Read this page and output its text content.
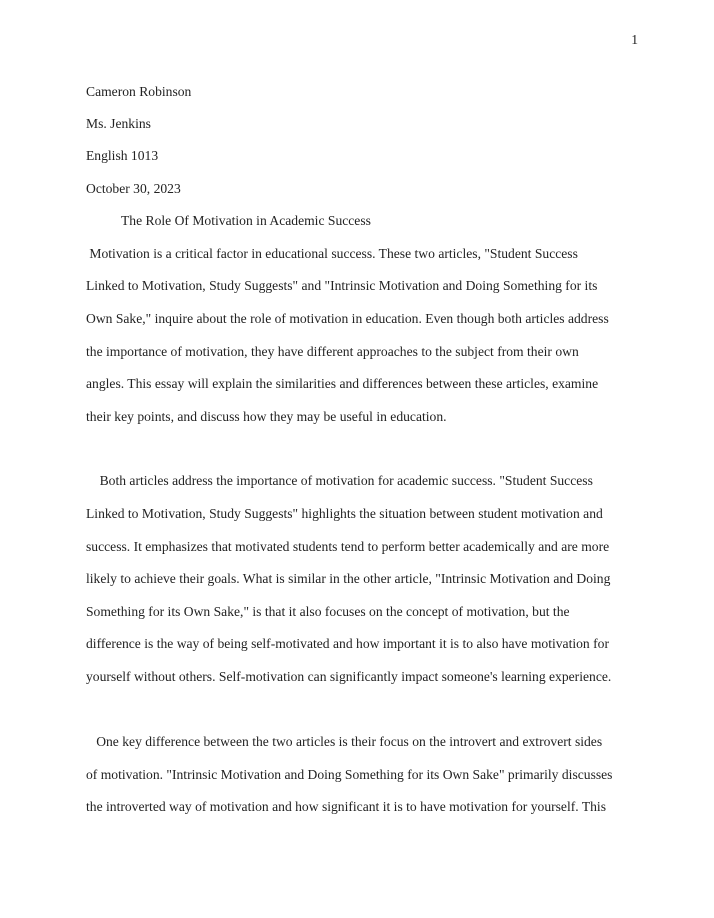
1
Cameron Robinson
Ms. Jenkins
English 1013
October 30, 2023
The Role Of Motivation in Academic Success
Motivation is a critical factor in educational success. These two articles, "Student Success
Linked to Motivation, Study Suggests" and "Intrinsic Motivation and Doing Something for its
Own Sake," inquire about the role of motivation in education. Even though both articles address
the importance of motivation, they have different approaches to the subject from their own
angles. This essay will explain the similarities and differences between these articles, examine
their key points, and discuss how they may be useful in education.
Both articles address the importance of motivation for academic success. "Student Success
Linked to Motivation, Study Suggests" highlights the situation between student motivation and
success. It emphasizes that motivated students tend to perform better academically and are more
likely to achieve their goals. What is similar in the other article, "Intrinsic Motivation and Doing
Something for its Own Sake," is that it also focuses on the concept of motivation, but the
difference is the way of being self-motivated and how important it is to also have motivation for
yourself without others. Self-motivation can significantly impact someone's learning experience.
One key difference between the two articles is their focus on the introvert and extrovert sides
of motivation. "Intrinsic Motivation and Doing Something for its Own Sake" primarily discusses
the introverted way of motivation and how significant it is to have motivation for yourself. This
